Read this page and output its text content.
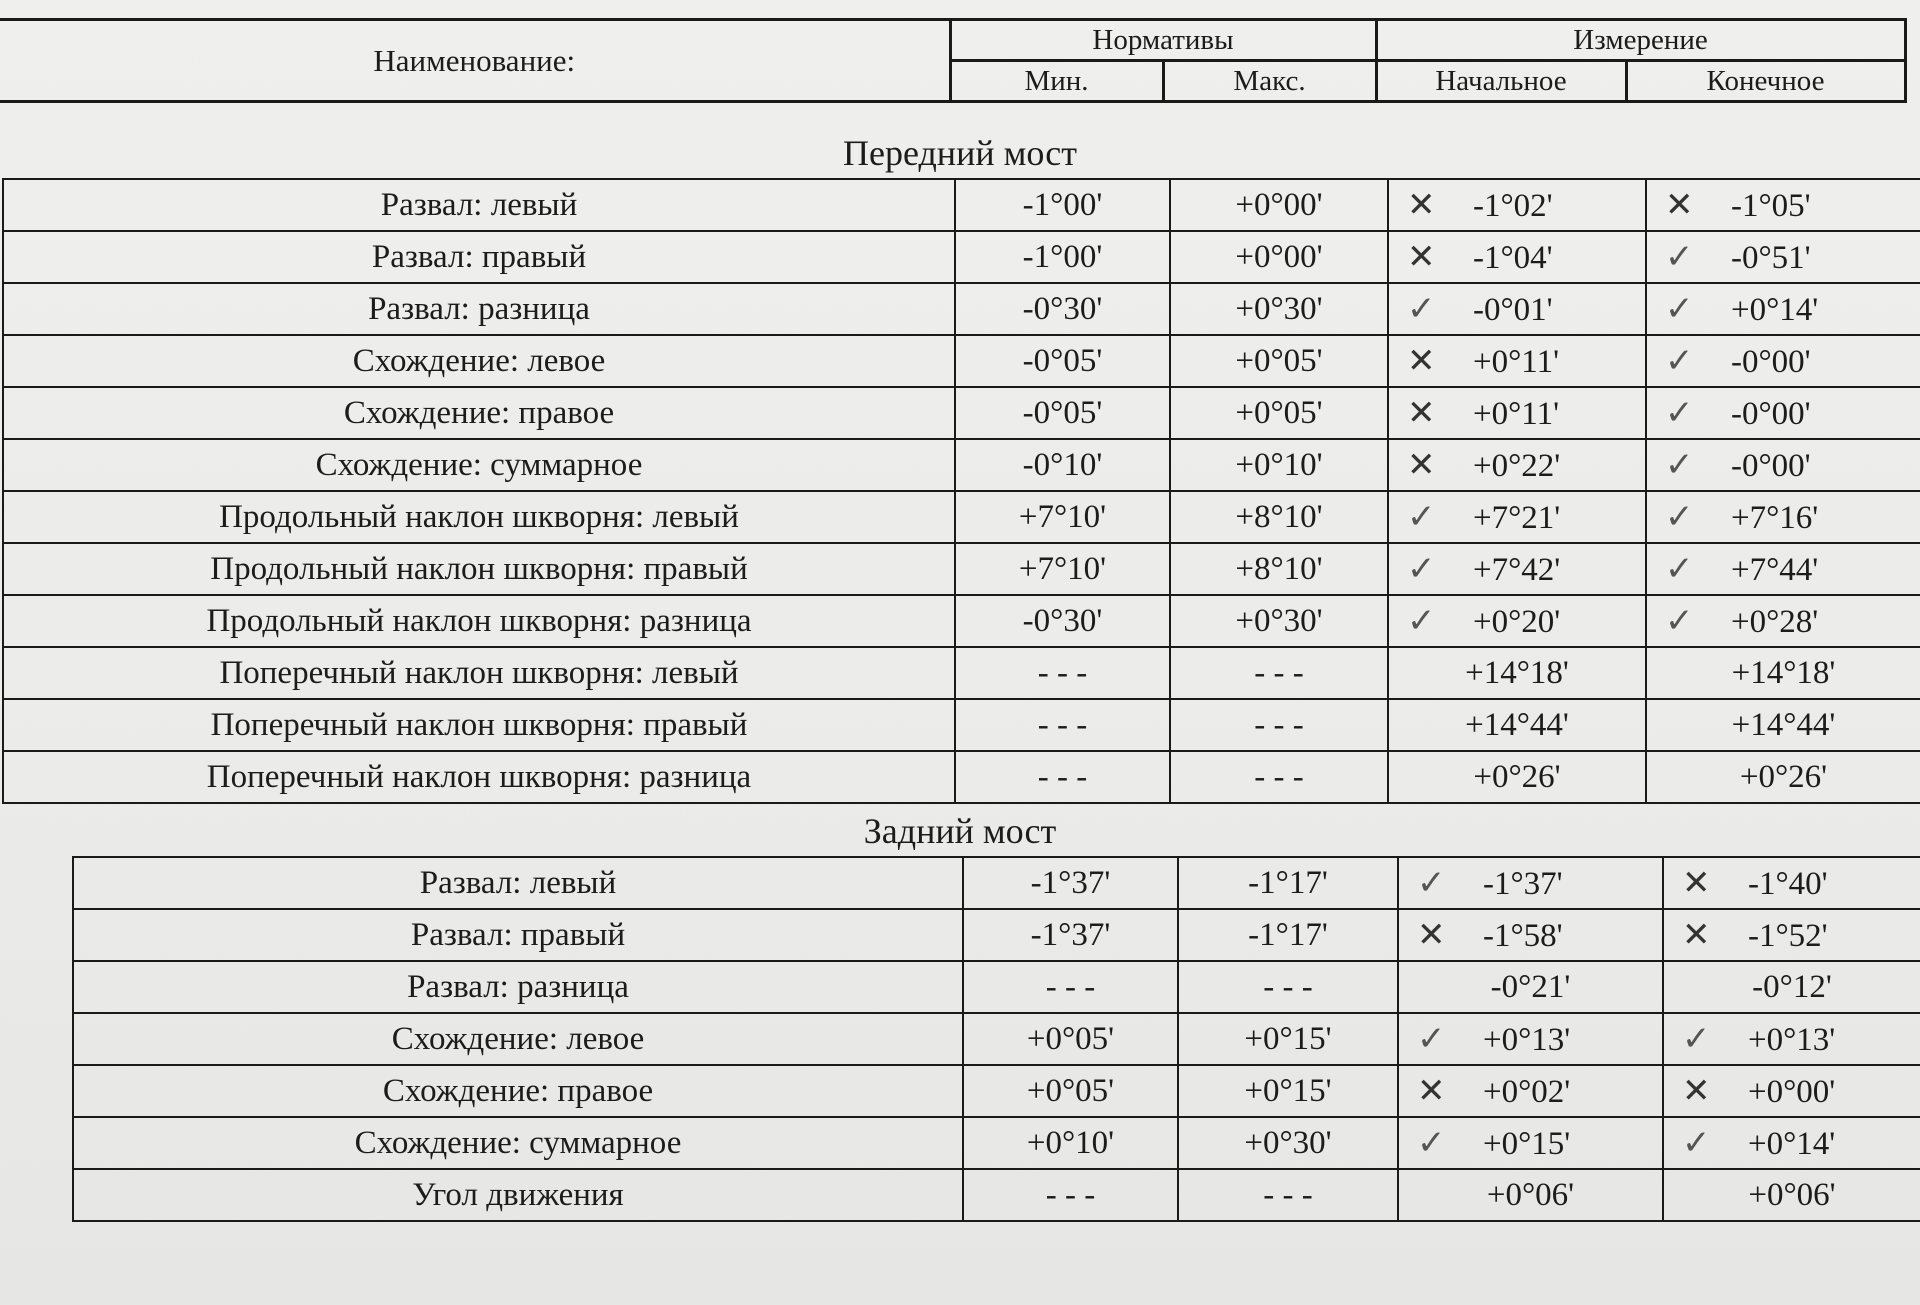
Наименование:	Нормативы		Измерение	
	Мин.	Макс.	Начальное	Конечное
Передний мост
Развал: левый	-1°00'	+0°00'	✕ -1°02'	✕ -1°05'
Развал: правый	-1°00'	+0°00'	✕ -1°04'	✓ -0°51'
Развал: разница	-0°30'	+0°30'	✓ -0°01'	✓ +0°14'
Схождение: левое	-0°05'	+0°05'	✕ +0°11'	✓ -0°00'
Схождение: правое	-0°05'	+0°05'	✕ +0°11'	✓ -0°00'
Схождение: суммарное	-0°10'	+0°10'	✕ +0°22'	✓ -0°00'
Продольный наклон шкворня: левый	+7°10'	+8°10'	✓ +7°21'	✓ +7°16'
Продольный наклон шкворня: правый	+7°10'	+8°10'	✓ +7°42'	✓ +7°44'
Продольный наклон шкворня: разница	-0°30'	+0°30'	✓ +0°20'	✓ +0°28'
Поперечный наклон шкворня: левый	- - -	- - -	+14°18'	+14°18'
Поперечный наклон шкворня: правый	- - -	- - -	+14°44'	+14°44'
Поперечный наклон шкворня: разница	- - -	- - -	+0°26'	+0°26'
Задний мост
Развал: левый	-1°37'	-1°17'	✓ -1°37'	✕ -1°40'
Развал: правый	-1°37'	-1°17'	✕ -1°58'	✕ -1°52'
Развал: разница	- - -	- - -	-0°21'	-0°12'
Схождение: левое	+0°05'	+0°15'	✓ +0°13'	✓ +0°13'
Схождение: правое	+0°05'	+0°15'	✕ +0°02'	✕ +0°00'
Схождение: суммарное	+0°10'	+0°30'	✓ +0°15'	✓ +0°14'
Угол движения	- - -	- - -	+0°06'	+0°06'
